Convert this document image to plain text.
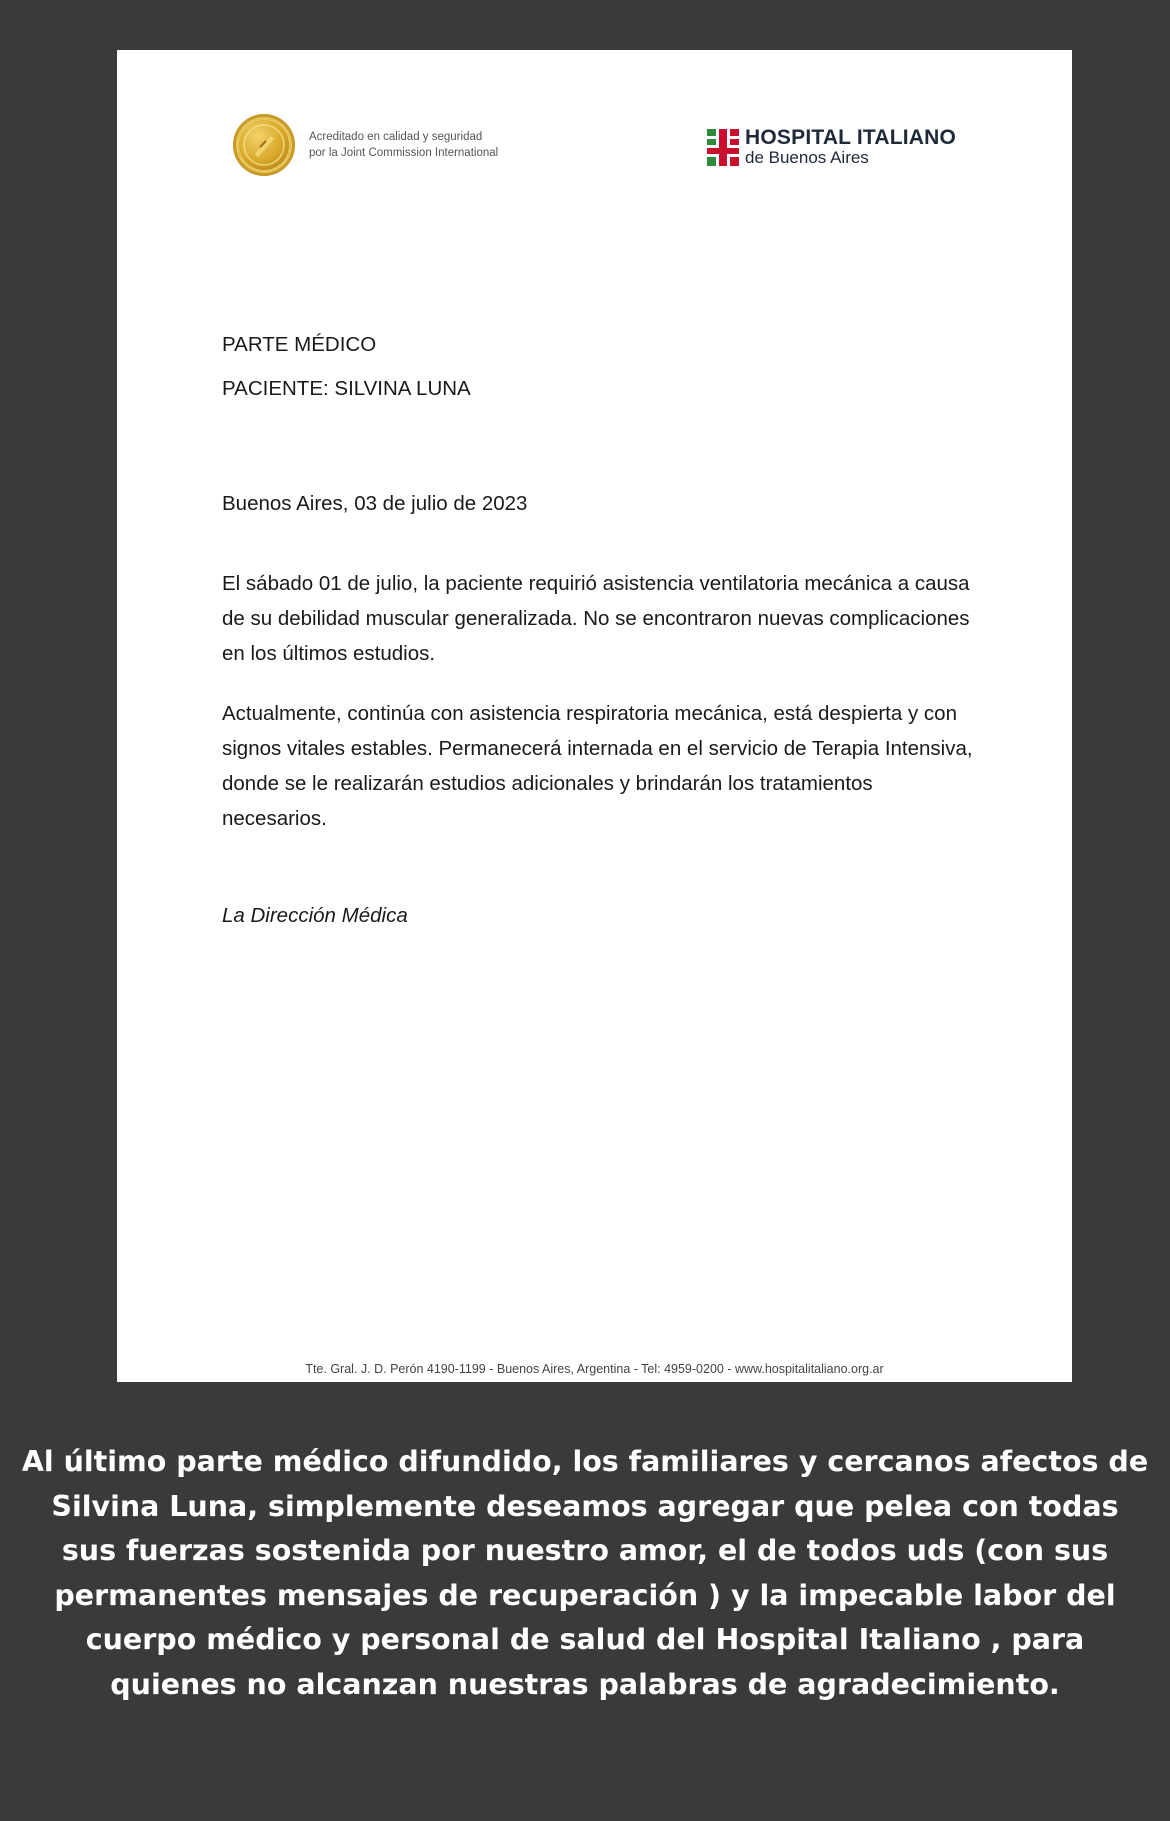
Acreditado en calidad y seguridad
por la Joint Commission International
HOSPITAL ITALIANO
de Buenos Aires
PARTE MÉDICO
PACIENTE: SILVINA LUNA
Buenos Aires, 03 de julio de 2023
El sábado 01 de julio, la paciente requirió asistencia ventilatoria mecánica a causa de su debilidad muscular generalizada. No se encontraron nuevas complicaciones en los últimos estudios.
Actualmente, continúa con asistencia respiratoria mecánica, está despierta y con signos vitales estables. Permanecerá internada en el servicio de Terapia Intensiva, donde se le realizarán estudios adicionales y brindarán los tratamientos necesarios.
La Dirección Médica
Tte. Gral. J. D. Perón 4190-1199 - Buenos Aires, Argentina - Tel: 4959-0200 - www.hospitalitaliano.org.ar
Al último parte médico difundido, los familiares y cercanos afectos de Silvina Luna, simplemente deseamos agregar que pelea con todas sus fuerzas sostenida por nuestro amor, el de todos uds (con sus permanentes mensajes de recuperación ) y la impecable labor del cuerpo médico y personal de salud del Hospital Italiano , para quienes no alcanzan nuestras palabras de agradecimiento.
